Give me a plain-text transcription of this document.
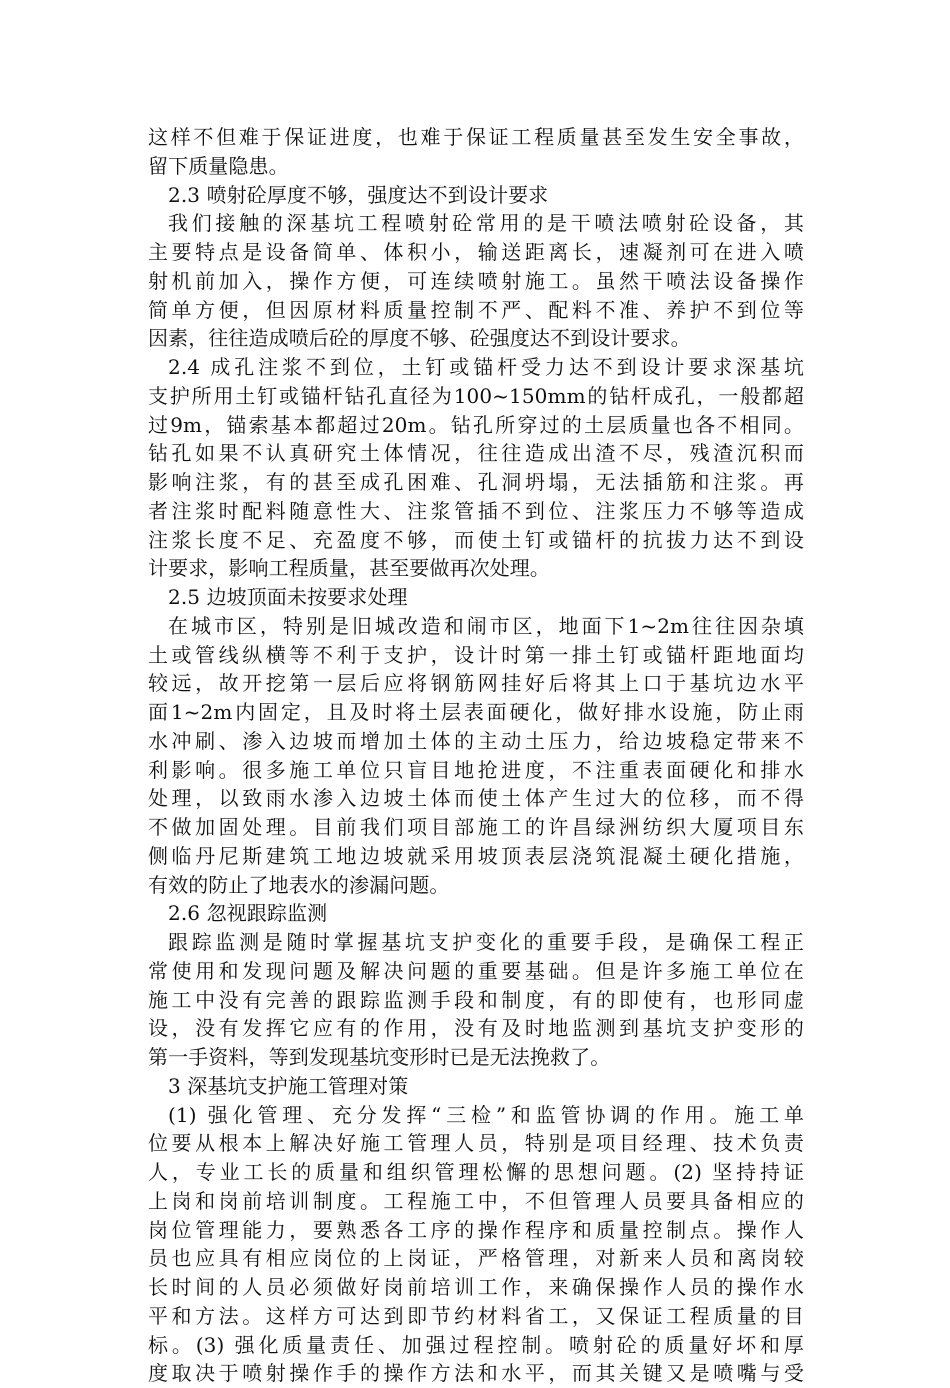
这样不但难于保证进度，也难于保证工程质量甚至发生安全事故，
留下质量隐患。
2.3 喷射砼厚度不够，强度达不到设计要求
我们接触的深基坑工程喷射砼常用的是干喷法喷射砼设备，其
主要特点是设备简单、体积小，输送距离长，速凝剂可在进入喷
射机前加入，操作方便，可连续喷射施工。虽然干喷法设备操作
简单方便，但因原材料质量控制不严、配料不准、养护不到位等
因素，往往造成喷后砼的厚度不够、砼强度达不到设计要求。
2.4 成孔注浆不到位，土钉或锚杆受力达不到设计要求深基坑
支护所用土钉或锚杆钻孔直径为100~150mm的钻杆成孔，一般都超
过9m，锚索基本都超过20m。钻孔所穿过的土层质量也各不相同。
钻孔如果不认真研究土体情况，往往造成出渣不尽，残渣沉积而
影响注浆，有的甚至成孔困难、孔洞坍塌，无法插筋和注浆。再
者注浆时配料随意性大、注浆管插不到位、注浆压力不够等造成
注浆长度不足、充盈度不够，而使土钉或锚杆的抗拔力达不到设
计要求，影响工程质量，甚至要做再次处理。
2.5 边坡顶面未按要求处理
在城市区，特别是旧城改造和闹市区，地面下1~2m往往因杂填
土或管线纵横等不利于支护，设计时第一排土钉或锚杆距地面均
较远，故开挖第一层后应将钢筋网挂好后将其上口于基坑边水平
面1~2m内固定，且及时将土层表面硬化，做好排水设施，防止雨
水冲刷、渗入边坡而增加土体的主动土压力，给边坡稳定带来不
利影响。很多施工单位只盲目地抢进度，不注重表面硬化和排水
处理，以致雨水渗入边坡土体而使土体产生过大的位移，而不得
不做加固处理。目前我们项目部施工的许昌绿洲纺织大厦项目东
侧临丹尼斯建筑工地边坡就采用坡顶表层浇筑混凝土硬化措施，
有效的防止了地表水的渗漏问题。
2.6 忽视跟踪监测
跟踪监测是随时掌握基坑支护变化的重要手段，是确保工程正
常使用和发现问题及解决问题的重要基础。但是许多施工单位在
施工中没有完善的跟踪监测手段和制度，有的即使有，也形同虚
设，没有发挥它应有的作用，没有及时地监测到基坑支护变形的
第一手资料，等到发现基坑变形时已是无法挽救了。
3 深基坑支护施工管理对策
(1) 强化管理、充分发挥“三检”和监管协调的作用。施工单
位要从根本上解决好施工管理人员，特别是项目经理、技术负责
人，专业工长的质量和组织管理松懈的思想问题。(2) 坚持持证
上岗和岗前培训制度。工程施工中，不但管理人员要具备相应的
岗位管理能力，要熟悉各工序的操作程序和质量控制点。操作人
员也应具有相应岗位的上岗证，严格管理，对新来人员和离岗较
长时间的人员必须做好岗前培训工作，来确保操作人员的操作水
平和方法。这样方可达到即节约材料省工，又保证工程质量的目
标。(3) 强化质量责任、加强过程控制。喷射砼的质量好坏和厚
度取决于喷射操作手的操作方法和水平，而其关键又是喷嘴与受
